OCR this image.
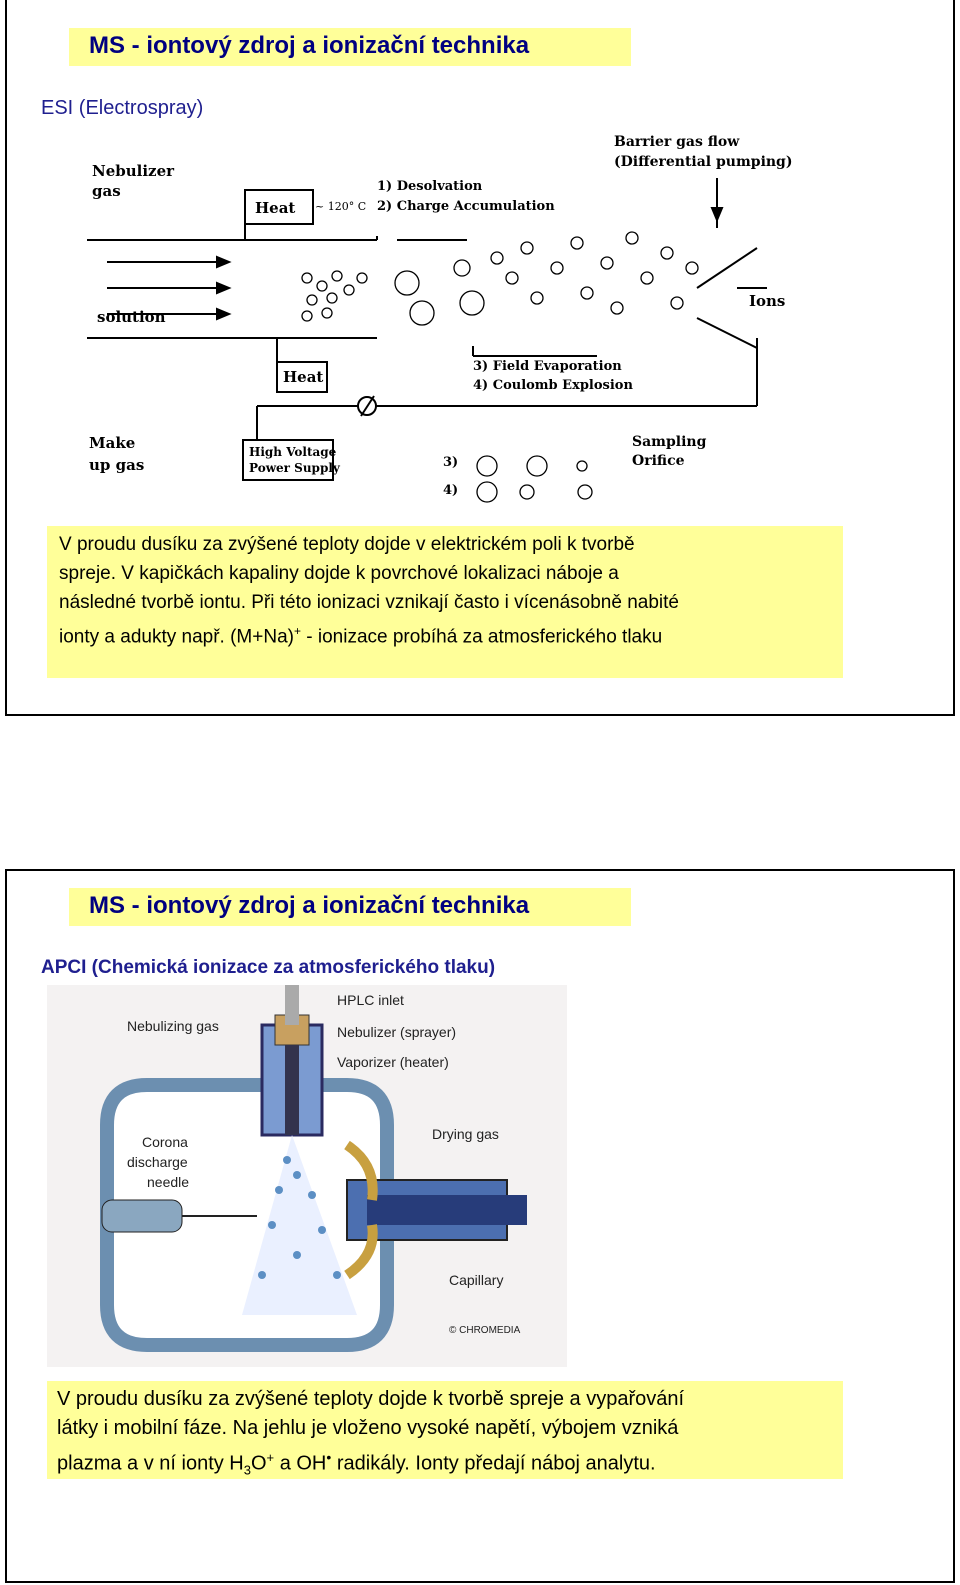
MS - iontový zdroj a ionizační technika
ESI (Electrospray)
Nebulizer
gas
solution
1) Desolvation
2) Charge Accumulation
Barrier gas flow
(Differential pumping)
Ions
3) Field Evaporation
4) Coulomb Explosion
Make
up gas
Sampling
Orifice
3)
4)
Heat ~ 120° C
Heat
High Voltage
Power Supply
V proudu dusíku za zvýšené teploty dojde v elektrickém poli k tvorbě
spreje. V kapičkách kapaliny dojde k povrchové lokalizaci náboje a
následné tvorbě iontu. Při této ionizaci vznikají často i vícenásobně nabité
ionty a adukty např. (M+Na)+ - ionizace probíhá za atmosferického tlaku
MS - iontový zdroj a ionizační technika
APCI (Chemická ionizace za atmosferického tlaku)
Nebulizing gas
HPLC inlet
Nebulizer (sprayer)
Vaporizer (heater)
Drying gas
Corona
discharge
needle
Capillary
© CHROMEDIA
V proudu dusíku za zvýšené teploty dojde k tvorbě spreje a vypařování
látky i mobilní fáze. Na jehlu je vloženo vysoké napětí, výbojem vzniká
plazma a v ní ionty $H_3O^+$ a OH• radikály. Ionty předají náboj analytu.
